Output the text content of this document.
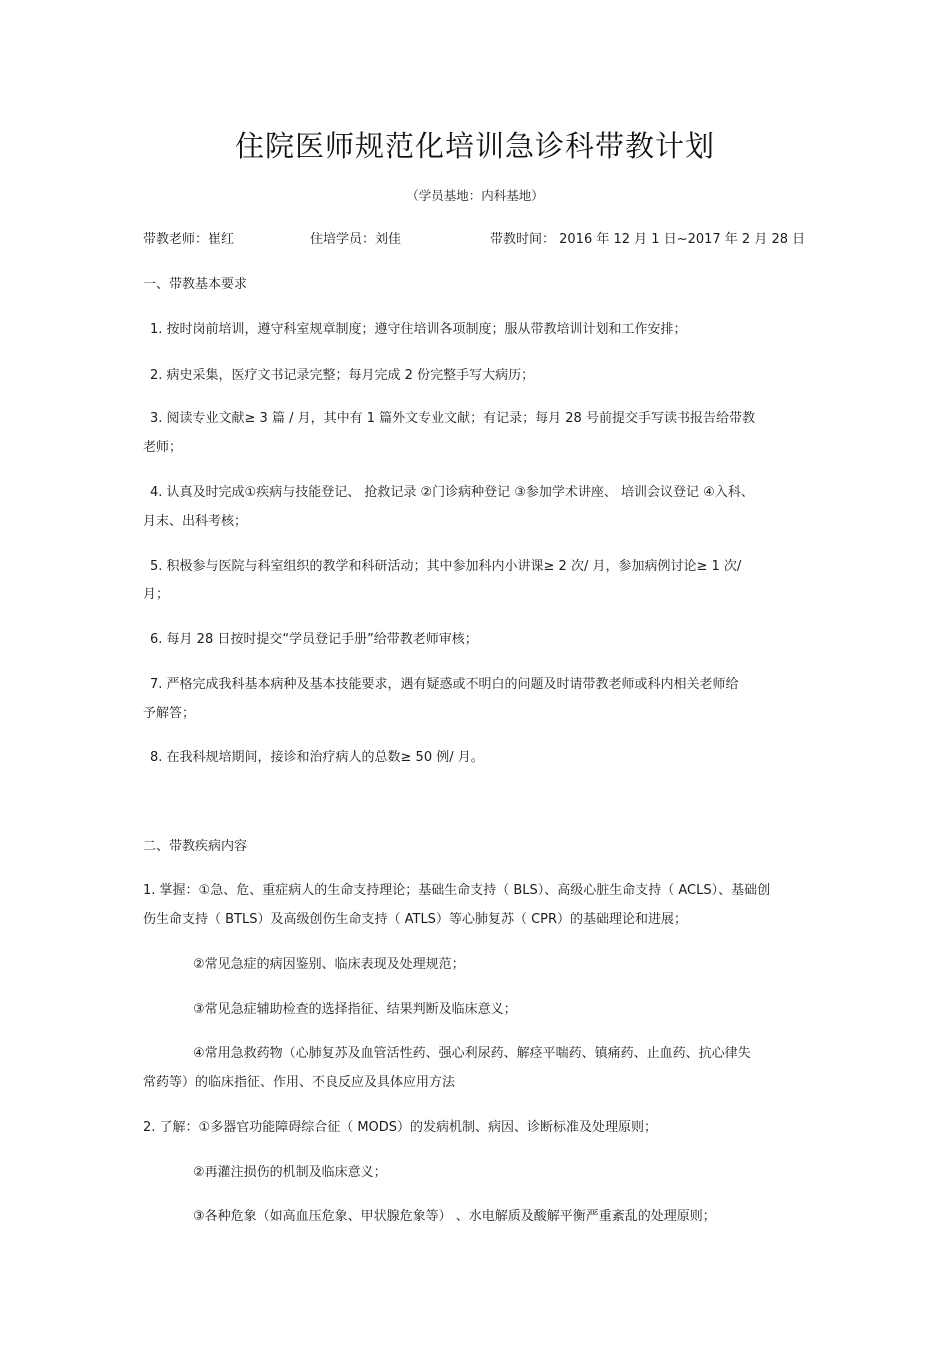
住院医师规范化培训急诊科带教计划
（学员基地：内科基地）
带教老师：崔红	住培学员：刘佳	带教时间： 2016 年 12 月 1 日~2017 年 2 月 28 日
一、带教基本要求
1. 按时岗前培训，遵守科室规章制度；遵守住培训各项制度；服从带教培训计划和工作安排；
2. 病史采集，医疗文书记录完整；每月完成 2 份完整手写大病历；
3. 阅读专业文献≥ 3 篇 / 月，其中有 1 篇外文专业文献；有记录；每月 28 号前提交手写读书报告给带教
老师；
4. 认真及时完成①疾病与技能登记、 抢救记录 ②门诊病种登记 ③参加学术讲座、 培训会议登记 ④入科、
月末、出科考核；
5. 积极参与医院与科室组织的教学和科研活动；其中参加科内小讲课≥ 2 次/ 月，参加病例讨论≥ 1 次/
月；
6. 每月 28 日按时提交“学员登记手册”给带教老师审核；
7. 严格完成我科基本病种及基本技能要求，遇有疑惑或不明白的问题及时请带教老师或科内相关老师给
予解答；
8. 在我科规培期间，接诊和治疗病人的总数≥ 50 例/ 月。
二、带教疾病内容
1. 掌握：①急、危、重症病人的生命支持理论；基础生命支持（ BLS）、高级心脏生命支持（ ACLS）、基础创
伤生命支持（ BTLS）及高级创伤生命支持（ ATLS）等心肺复苏（ CPR）的基础理论和进展；
②常见急症的病因鉴别、临床表现及处理规范；
③常见急症辅助检查的选择指征、结果判断及临床意义；
④常用急救药物（心肺复苏及血管活性药、强心利尿药、解痉平喘药、镇痛药、止血药、抗心律失
常药等）的临床指征、作用、不良反应及具体应用方法
2. 了解：①多器官功能障碍综合征（ MODS）的发病机制、病因、诊断标准及处理原则；
②再灌注损伤的机制及临床意义；
③各种危象（如高血压危象、甲状腺危象等） 、水电解质及酸解平衡严重紊乱的处理原则；
